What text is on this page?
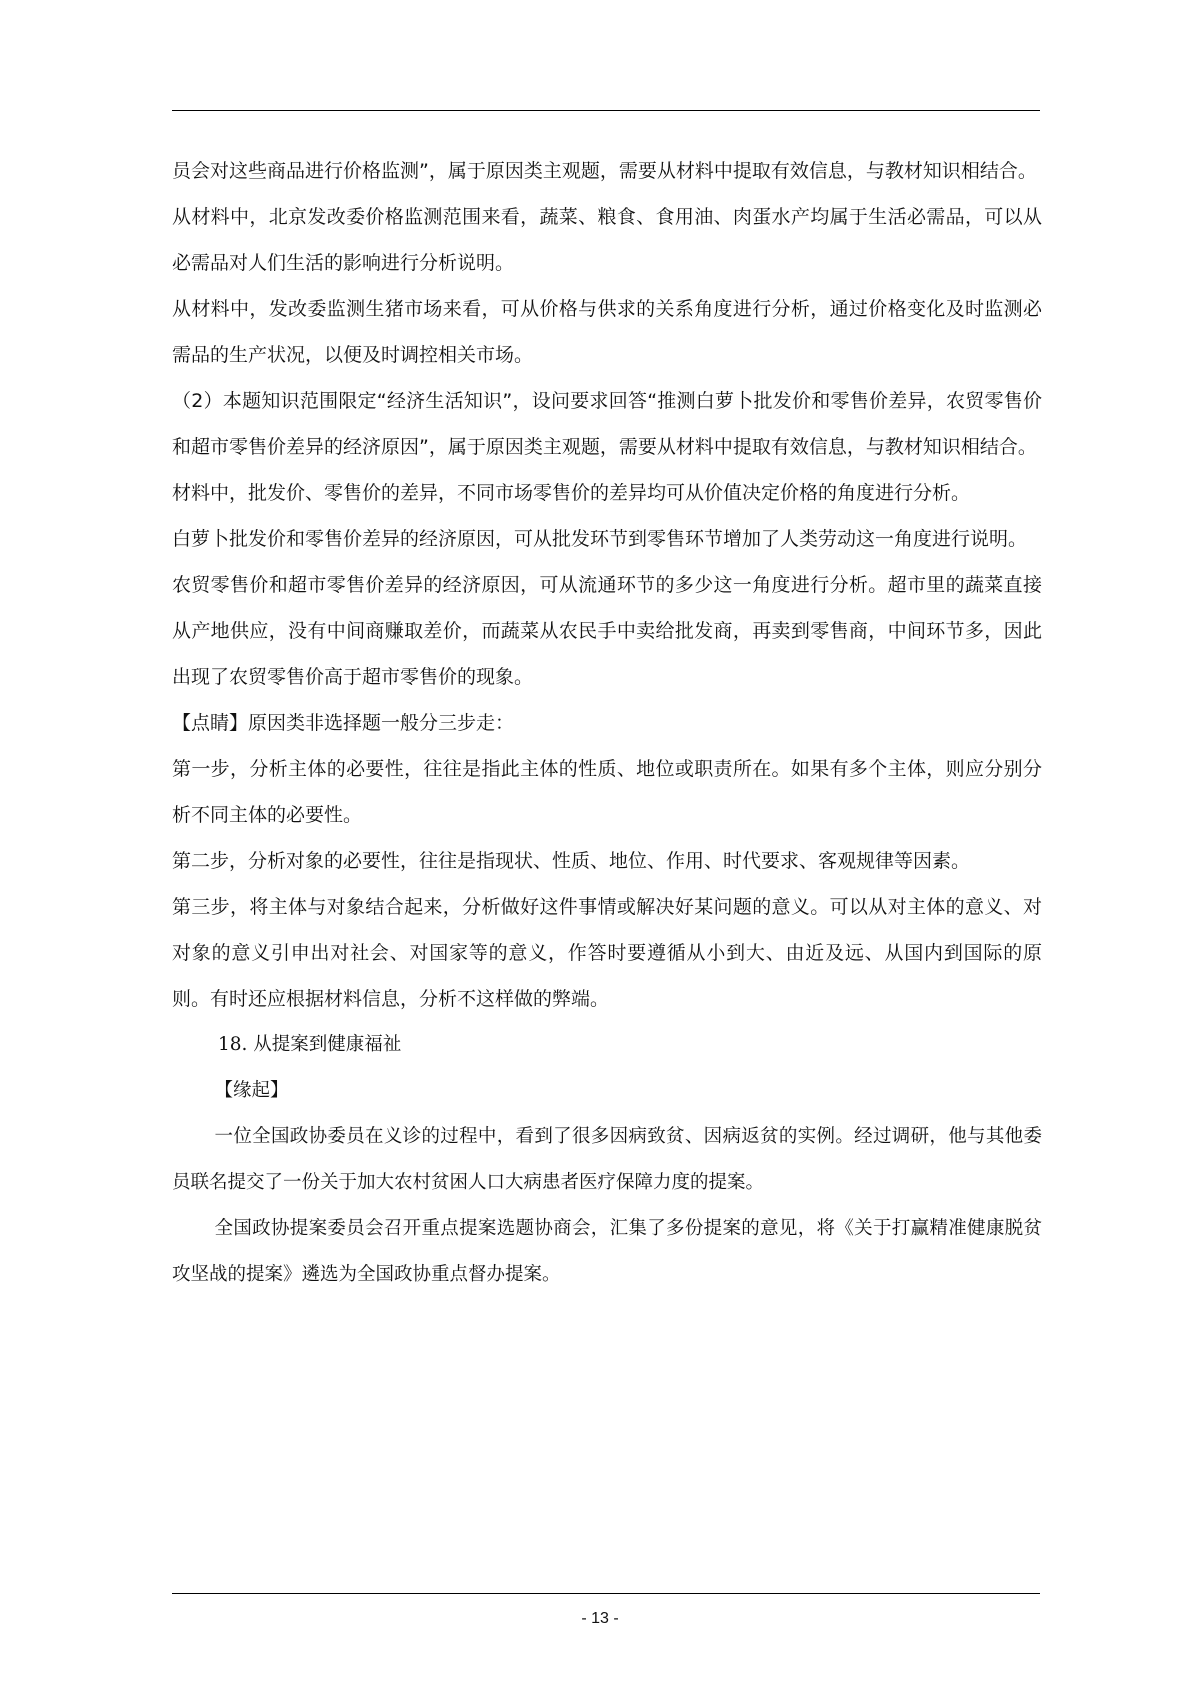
员会对这些商品进行价格监测”，属于原因类主观题，需要从材料中提取有效信息，与教材知识相结合。

从材料中，北京发改委价格监测范围来看，蔬菜、粮食、食用油、肉蛋水产均属于生活必需品，可以从必需品对人们生活的影响进行分析说明。

从材料中，发改委监测生猪市场来看，可从价格与供求的关系角度进行分析，通过价格变化及时监测必需品的生产状况，以便及时调控相关市场。

（2）本题知识范围限定“经济生活知识”，设问要求回答“推测白萝卜批发价和零售价差异，农贸零售价和超市零售价差异的经济原因”，属于原因类主观题，需要从材料中提取有效信息，与教材知识相结合。

材料中，批发价、零售价的差异，不同市场零售价的差异均可从价值决定价格的角度进行分析。

白萝卜批发价和零售价差异的经济原因，可从批发环节到零售环节增加了人类劳动这一角度进行说明。

农贸零售价和超市零售价差异的经济原因，可从流通环节的多少这一角度进行分析。超市里的蔬菜直接从产地供应，没有中间商赚取差价，而蔬菜从农民手中卖给批发商，再卖到零售商，中间环节多，因此出现了农贸零售价高于超市零售价的现象。

【点睛】原因类非选择题一般分三步走：

第一步，分析主体的必要性，往往是指此主体的性质、地位或职责所在。如果有多个主体，则应分别分析不同主体的必要性。

第二步，分析对象的必要性，往往是指现状、性质、地位、作用、时代要求、客观规律等因素。

第三步，将主体与对象结合起来，分析做好这件事情或解决好某问题的意义。可以从对主体的意义、对对象的意义引申出对社会、对国家等的意义，作答时要遵循从小到大、由近及远、从国内到国际的原则。有时还应根据材料信息，分析不这样做的弊端。

18. 从提案到健康福祉

【缘起】

一位全国政协委员在义诊的过程中，看到了很多因病致贫、因病返贫的实例。经过调研，他与其他委员联名提交了一份关于加大农村贫困人口大病患者医疗保障力度的提案。

全国政协提案委员会召开重点提案选题协商会，汇集了多份提案的意见，将《关于打赢精准健康脱贫攻坚战的提案》遴选为全国政协重点督办提案。

- 13 -
